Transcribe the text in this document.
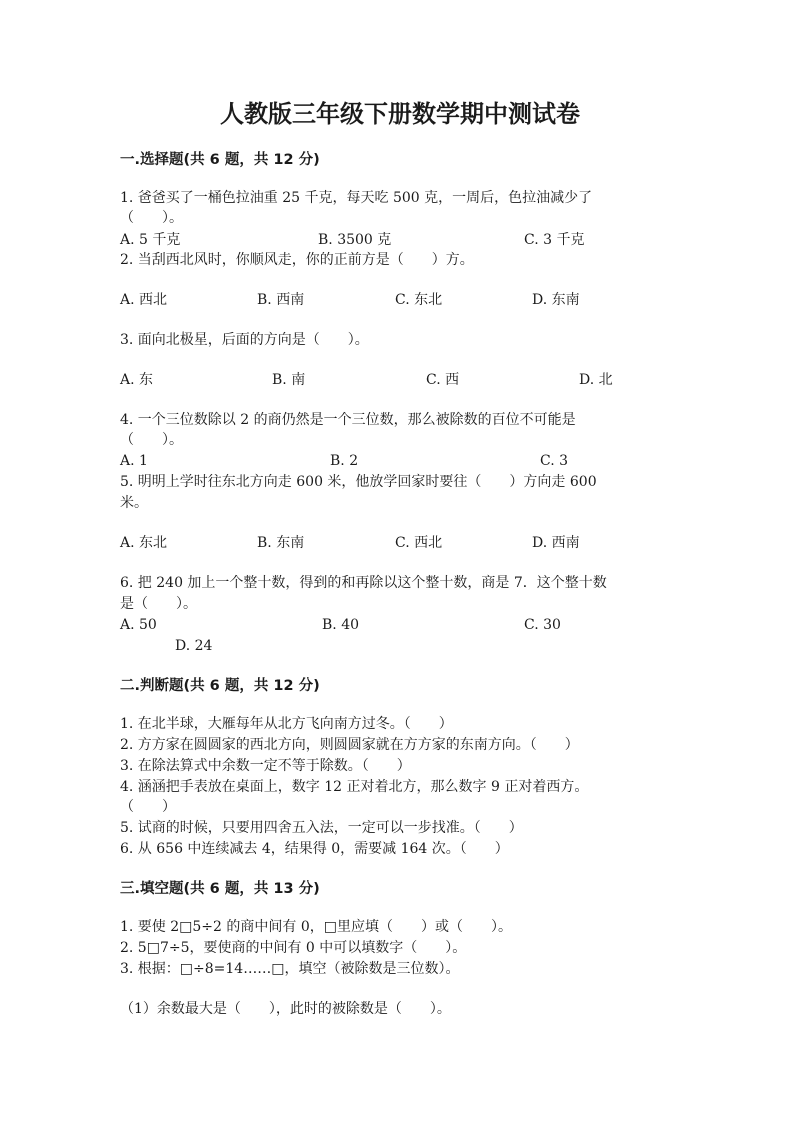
人教版三年级下册数学期中测试卷
一.选择题(共 6 题，共 12 分)
1. 爸爸买了一桶色拉油重 25 千克，每天吃 500 克，一周后，色拉油减少了
（　　）。
A. 5 千克	B. 3500 克	C. 3 千克
2. 当刮西北风时，你顺风走，你的正前方是（　　）方。
A. 西北	B. 西南	C. 东北	D. 东南
3. 面向北极星，后面的方向是（　　）。
A. 东	B. 南	C. 西	D. 北
4. 一个三位数除以 2 的商仍然是一个三位数，那么被除数的百位不可能是
（　　）。
A. 1	B. 2	C. 3
5. 明明上学时往东北方向走 600 米，他放学回家时要往（　　）方向走 600
米。
A. 东北	B. 东南	C. 西北	D. 西南
6. 把 240 加上一个整十数，得到的和再除以这个整十数，商是 7．这个整十数
是（　　）。
A. 50	B. 40	C. 30
D. 24
二.判断题(共 6 题，共 12 分)
1. 在北半球，大雁每年从北方飞向南方过冬。（　　）
2. 方方家在圆圆家的西北方向，则圆圆家就在方方家的东南方向。（　　）
3. 在除法算式中余数一定不等于除数。（　　）
4. 涵涵把手表放在桌面上，数字 12 正对着北方，那么数字 9 正对着西方。
（　　）
5. 试商的时候，只要用四舍五入法，一定可以一步找准。（　　）
6. 从 656 中连续减去 4，结果得 0，需要减 164 次。（　　）
三.填空题(共 6 题，共 13 分)
1. 要使 2□5÷2 的商中间有 0，□里应填（　　）或（　　）。
2. 5□7÷5，要使商的中间有 0 中可以填数字（　　）。
3. 根据：□÷8=14……□，填空（被除数是三位数）。
（1）余数最大是（　　），此时的被除数是（　　）。
